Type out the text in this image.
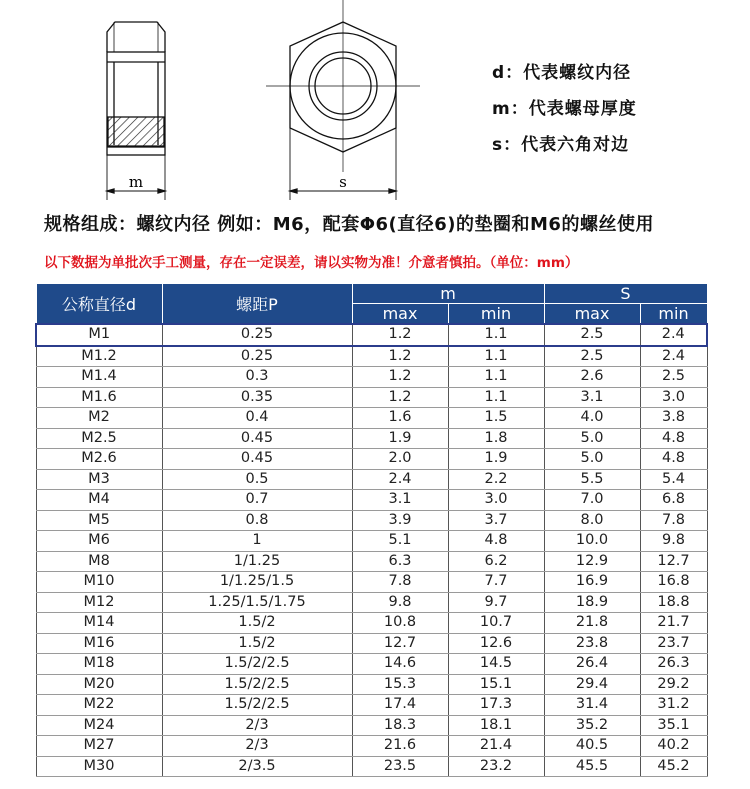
m	s
d：代表螺纹内径
m：代表螺母厚度
s：代表六角对边
规格组成：螺纹内径 例如：M6，配套Φ6(直径6)的垫圈和M6的螺丝使用
以下数据为单批次手工测量，存在一定误差，请以实物为准！介意者慎拍。（单位：mm）
公称直径d	螺距P	m		S	
		max	min	max	min
M1	0.25	1.2	1.1	2.5	2.4
M1.2	0.25	1.2	1.1	2.5	2.4
M1.4	0.3	1.2	1.1	2.6	2.5
M1.6	0.35	1.2	1.1	3.1	3.0
M2	0.4	1.6	1.5	4.0	3.8
M2.5	0.45	1.9	1.8	5.0	4.8
M2.6	0.45	2.0	1.9	5.0	4.8
M3	0.5	2.4	2.2	5.5	5.4
M4	0.7	3.1	3.0	7.0	6.8
M5	0.8	3.9	3.7	8.0	7.8
M6	1	5.1	4.8	10.0	9.8
M8	1/1.25	6.3	6.2	12.9	12.7
M10	1/1.25/1.5	7.8	7.7	16.9	16.8
M12	1.25/1.5/1.75	9.8	9.7	18.9	18.8
M14	1.5/2	10.8	10.7	21.8	21.7
M16	1.5/2	12.7	12.6	23.8	23.7
M18	1.5/2/2.5	14.6	14.5	26.4	26.3
M20	1.5/2/2.5	15.3	15.1	29.4	29.2
M22	1.5/2/2.5	17.4	17.3	31.4	31.2
M24	2/3	18.3	18.1	35.2	35.1
M27	2/3	21.6	21.4	40.5	40.2
M30	2/3.5	23.5	23.2	45.5	45.2
